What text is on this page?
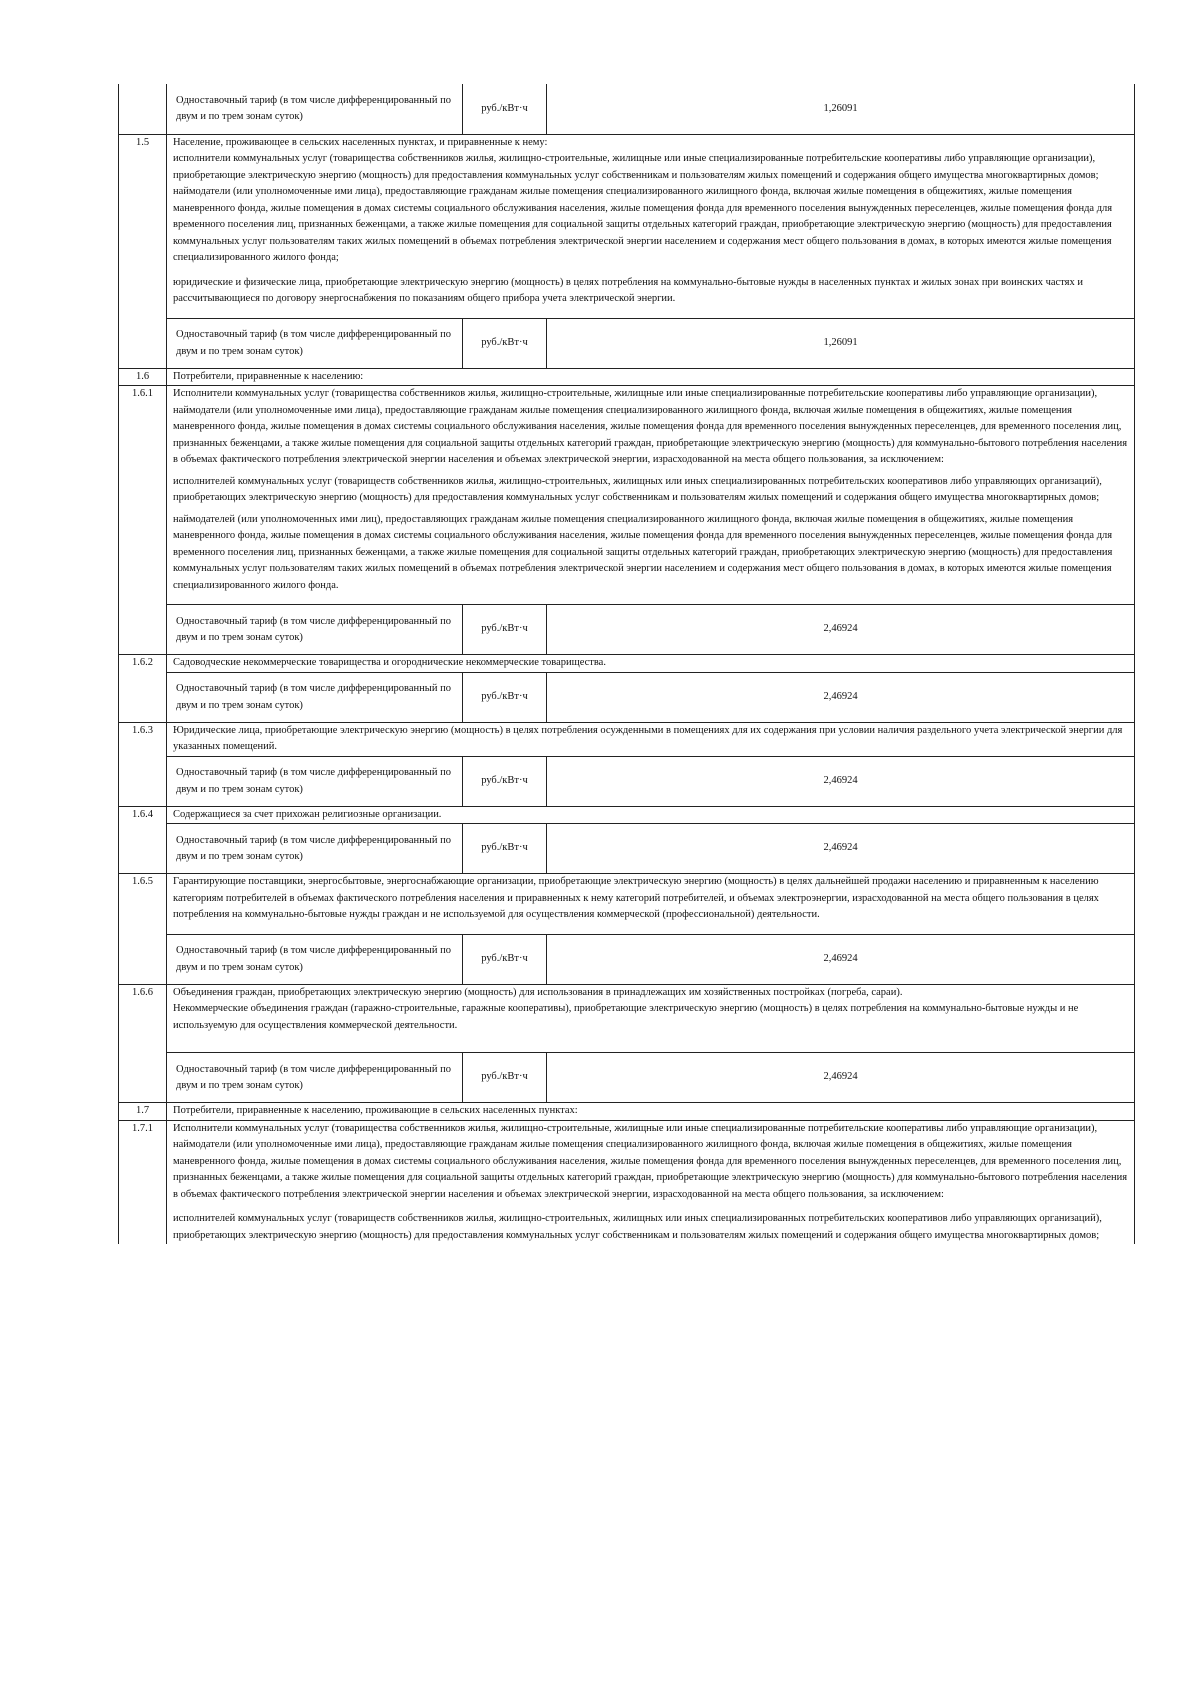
	Одноставочный тариф (в том числе дифференцированный по двум и по трем зонам суток)	руб./кВт·ч	1,26091
1.5	Население, проживающее в сельских населенных пунктах, и приравненные к нему:

исполнители коммунальных услуг (товарищества собственников жилья, жилищно-строительные, жилищные или иные специализированные потребительские кооперативы либо управляющие организации), приобретающие электрическую энергию (мощность) для предоставления коммунальных услуг собственникам и пользователям жилых помещений и содержания общего имущества многоквартирных домов;

наймодатели (или уполномоченные ими лица), предоставляющие гражданам жилые помещения специализированного жилищного фонда, включая жилые помещения в общежитиях, жилые помещения маневренного фонда, жилые помещения в домах системы социального обслуживания населения, жилые помещения фонда для временного поселения вынужденных переселенцев, жилые помещения фонда для временного поселения лиц, признанных беженцами, а также жилые помещения для социальной защиты отдельных категорий граждан, приобретающие электрическую энергию (мощность) для предоставления коммунальных услуг пользователям таких жилых помещений в объемах потребления электрической энергии населением и содержания мест общего пользования в домах, в которых имеются жилые помещения специализированного жилого фонда;

юридические и физические лица, приобретающие электрическую энергию (мощность) в целях потребления на коммунально-бытовые нужды в населенных пунктах и жилых зонах при воинских частях и рассчитывающиеся по договору энергоснабжения по показаниям общего прибора учета электрической энергии.		

	Одноставочный тариф (в том числе дифференцированный по двум и по трем зонам суток)	руб./кВт·ч	1,26091
1.6	Потребители, приравненные к населению:		
1.6.1	Исполнители коммунальных услуг (товарищества собственников жилья, жилищно-строительные, жилищные или иные специализированные потребительские кооперативы либо управляющие организации), наймодатели (или уполномоченные ими лица), предоставляющие гражданам жилые помещения специализированного жилищного фонда, включая жилые помещения в общежитиях, жилые помещения маневренного фонда, жилые помещения в домах системы социального обслуживания населения, жилые помещения фонда для временного поселения вынужденных переселенцев, для временного поселения лиц, признанных беженцами, а также жилые помещения для социальной защиты отдельных категорий граждан, приобретающие электрическую энергию (мощность) для коммунально-бытового потребления населения в объемах фактического потребления электрической энергии населения и объемах электрической энергии, израсходованной на места общего пользования, за исключением:

исполнителей коммунальных услуг (товариществ собственников жилья, жилищно-строительных, жилищных или иных специализированных потребительских кооперативов либо управляющих организаций), приобретающих электрическую энергию (мощность) для предоставления коммунальных услуг собственникам и пользователям жилых помещений и содержания общего имущества многоквартирных домов;

наймодателей (или уполномоченных ими лиц), предоставляющих гражданам жилые помещения специализированного жилищного фонда, включая жилые помещения в общежитиях, жилые помещения маневренного фонда, жилые помещения в домах системы социального обслуживания населения, жилые помещения фонда для временного поселения вынужденных переселенцев, жилые помещения фонда для временного поселения лиц, признанных беженцами, а также жилые помещения для социальной защиты отдельных категорий граждан, приобретающих электрическую энергию (мощность) для предоставления коммунальных услуг пользователям таких жилых помещений в объемах потребления электрической энергии населением и содержания мест общего пользования в домах, в которых имеются жилые помещения специализированного жилого фонда.		

	Одноставочный тариф (в том числе дифференцированный по двум и по трем зонам суток)	руб./кВт·ч	2,46924
1.6.2	Садоводческие некоммерческие товарищества и огороднические некоммерческие товарищества.		
	Одноставочный тариф (в том числе дифференцированный по двум и по трем зонам суток)	руб./кВт·ч	2,46924
1.6.3	Юридические лица, приобретающие электрическую энергию (мощность) в целях потребления осужденными в помещениях для их содержания при условии наличия раздельного учета электрической энергии для указанных помещений.		
	Одноставочный тариф (в том числе дифференцированный по двум и по трем зонам суток)	руб./кВт·ч	2,46924
1.6.4	Содержащиеся за счет прихожан религиозные организации.		
	Одноставочный тариф (в том числе дифференцированный по двум и по трем зонам суток)	руб./кВт·ч	2,46924
1.6.5	Гарантирующие поставщики, энергосбытовые, энергоснабжающие организации, приобретающие электрическую энергию (мощность) в целях дальнейшей продажи населению и приравненным к населению категориям потребителей в объемах фактического потребления населения и приравненных к нему категорий потребителей, и объемах электроэнергии, израсходованной на места общего пользования в целях потребления на коммунально-бытовые нужды граждан и не используемой для осуществления коммерческой (профессиональной) деятельности.		
	Одноставочный тариф (в том числе дифференцированный по двум и по трем зонам суток)	руб./кВт·ч	2,46924
1.6.6	Объединения граждан, приобретающих электрическую энергию (мощность) для использования в принадлежащих им хозяйственных постройках (погреба, сараи).

Некоммерческие объединения граждан (гаражно-строительные, гаражные кооперативы), приобретающие электрическую энергию (мощность) в целях потребления на коммунально-бытовые нужды и не используемую для осуществления коммерческой деятельности.		

	Одноставочный тариф (в том числе дифференцированный по двум и по трем зонам суток)	руб./кВт·ч	2,46924
1.7	Потребители, приравненные к населению, проживающие в сельских населенных пунктах:		
1.7.1	Исполнители коммунальных услуг (товарищества собственников жилья, жилищно-строительные, жилищные или иные специализированные потребительские кооперативы либо управляющие организации), наймодатели (или уполномоченные ими лица), предоставляющие гражданам жилые помещения специализированного жилищного фонда, включая жилые помещения в общежитиях, жилые помещения маневренного фонда, жилые помещения в домах системы социального обслуживания населения, жилые помещения фонда для временного поселения вынужденных переселенцев, для временного поселения лиц, признанных беженцами, а также жилые помещения для социальной защиты отдельных категорий граждан, приобретающие электрическую энергию (мощность) для коммунально-бытового потребления населения в объемах фактического потребления электрической энергии населения и объемах электрической энергии, израсходованной на места общего пользования, за исключением:

исполнителей коммунальных услуг (товариществ собственников жилья, жилищно-строительных, жилищных или иных специализированных потребительских кооперативов либо управляющих организаций), приобретающих электрическую энергию (мощность) для предоставления коммунальных услуг собственникам и пользователям жилых помещений и содержания общего имущества многоквартирных домов;		
